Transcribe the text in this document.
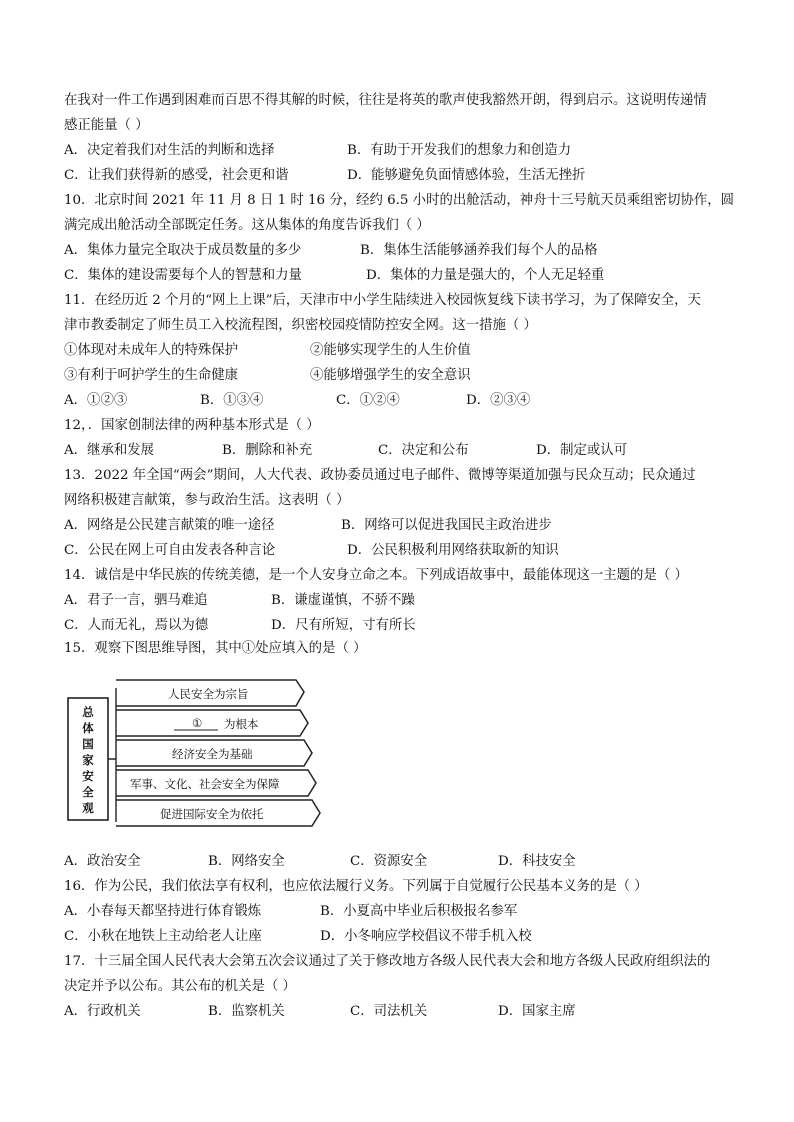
在我对一件工作遇到困难而百思不得其解的时候，往往是将英的歌声使我豁然开朗，得到启示。这说明传递情
感正能量（ ）
A．决定着我们对生活的判断和选择	B．有助于开发我们的想象力和创造力
C．让我们获得新的感受，社会更和谐	D．能够避免负面情感体验，生活无挫折
10．北京时间 2021 年 11 月 8 日 1 时 16 分，经约 6.5 小时的出舱活动，神舟十三号航天员乘组密切协作，圆
满完成出舱活动全部既定任务。这从集体的角度告诉我们（ ）
A．集体力量完全取决于成员数量的多少	B．集体生活能够涵养我们每个人的品格
C．集体的建设需要每个人的智慧和力量	D．集体的力量是强大的，个人无足轻重
11．在经历近 2 个月的“网上上课”后，天津市中小学生陆续进入校园恢复线下读书学习，为了保障安全，天
津市教委制定了师生员工入校流程图，织密校园疫情防控安全网。这一措施（ ）
①体现对未成年人的特殊保护	②能够实现学生的人生价值
③有利于呵护学生的生命健康	④能够增强学生的安全意识
A．①②③	B．①③④	C．①②④	D．②③④
12，．国家创制法律的两种基本形式是（ ）
A．继承和发展	B．删除和补充	C．决定和公布	D．制定或认可
13．2022 年全国“两会”期间，人大代表、政协委员通过电子邮件、微博等渠道加强与民众互动；民众通过
网络积极建言献策，参与政治生活。这表明（ ）
A．网络是公民建言献策的唯一途径	B．网络可以促进我国民主政治进步
C．公民在网上可自由发表各种言论	D．公民积极利用网络获取新的知识
14．诚信是中华民族的传统美德，是一个人安身立命之本。下列成语故事中，最能体现这一主题的是（ ）
A．君子一言，驷马难追	B．谦虚谨慎，不骄不躁
C．人而无礼，焉以为德	D．尺有所短，寸有所长
15．观察下图思维导图，其中①处应填入的是（ ）
总体国家安全观
人民安全为宗旨
① 为根本
经济安全为基础
军事、文化、社会安全为保障
促进国际安全为依托
A．政治安全	B．网络安全	C．资源安全	D．科技安全
16．作为公民，我们依法享有权利，也应依法履行义务。下列属于自觉履行公民基本义务的是（ ）
A．小春每天都坚持进行体育锻炼	B．小夏高中毕业后积极报名参军
C．小秋在地铁上主动给老人让座	D．小冬响应学校倡议不带手机入校
17．十三届全国人民代表大会第五次会议通过了关于修改地方各级人民代表大会和地方各级人民政府组织法的
决定并予以公布。其公布的机关是（ ）
A．行政机关	B．监察机关	C．司法机关	D．国家主席
